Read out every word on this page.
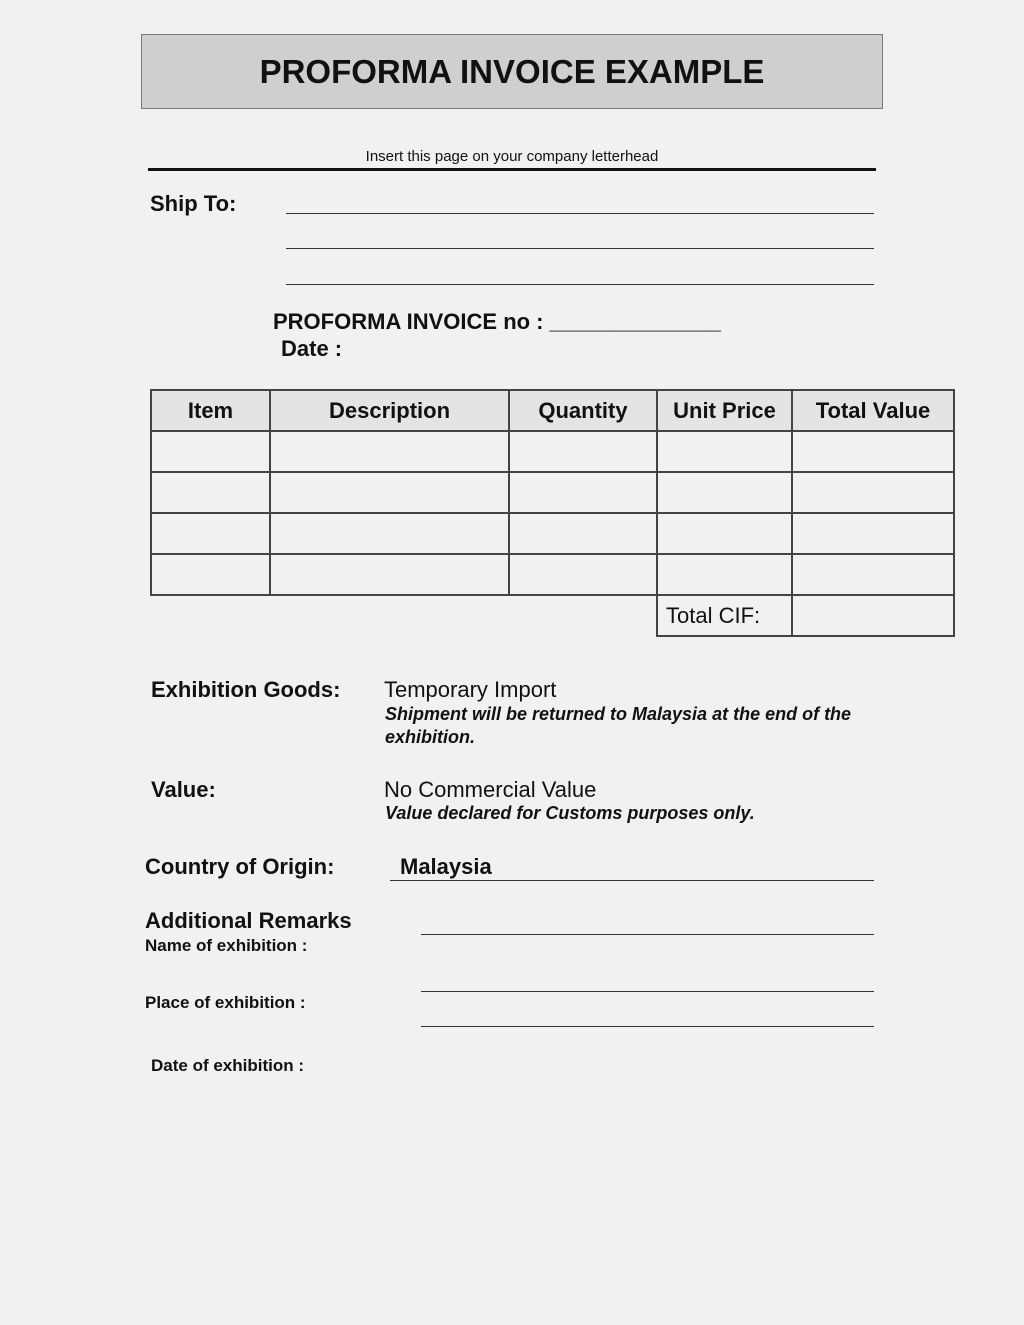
PROFORMA INVOICE EXAMPLE
Insert this page on your company letterhead
Ship To:
PROFORMA INVOICE no : ______________
Date :
Item	Description	Quantity	Unit Price	Total Value

			Total CIF:	
Exhibition Goods: Temporary Import
Shipment will be returned to Malaysia at the end of the exhibition.
Value:	No Commercial Value
Value declared for Customs purposes only.
Country of Origin:	Malaysia
Additional Remarks
Name of exhibition :
Place of exhibition :
Date of exhibition :
